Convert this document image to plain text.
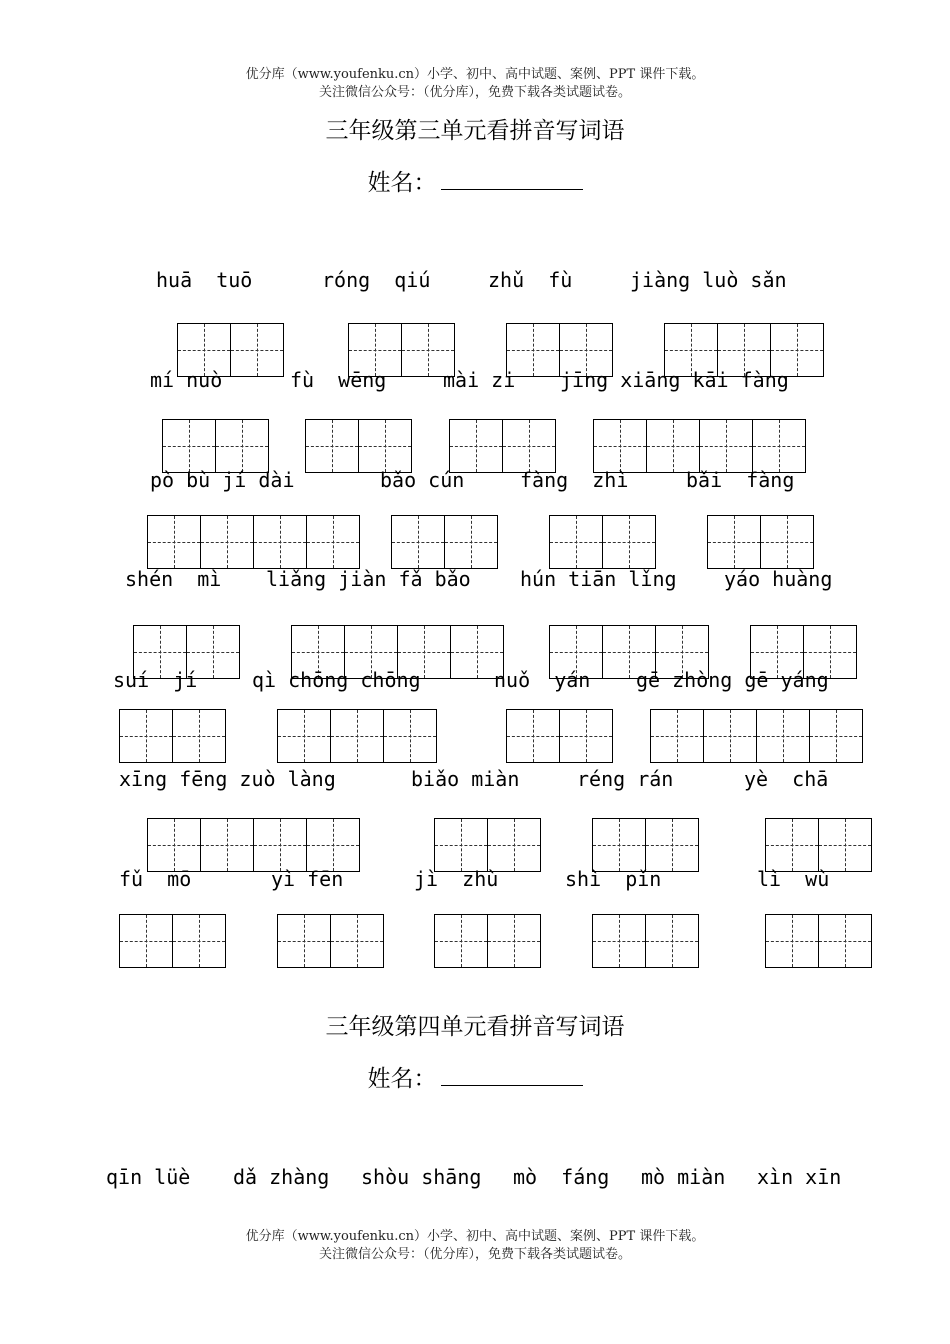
优分库（www.youfenku.cn）小学、初中、高中试题、案例、PPT 课件下载。
关注微信公众号：（优分库），免费下载各类试题试卷。
三年级第三单元看拼音写词语
姓名：
huā  tuō	róng  qiú	zhǔ  fù	jiàng luò sǎn
mí nuò	fù  wēng	mài zi jīng xiāng kāi fàng
pò bù jí dài	bǎo cún	fàng  zhì	bǎi  fàng
shén  mì liǎng jiàn fǎ bǎo hún tiān lǐng yáo huàng
suí  jí	qì chōng chōng	nuǒ  yán gē zhòng gē yáng
xīng fēng zuò làng	biǎo miàn	réng rán	yè  chā
fǔ  mō	yì fēn	jì  zhù	shì  pǐn	lì  wù
三年级第四单元看拼音写词语
姓名：
qīn lüè dǎ zhàng shòu shāng mò  fáng mò miàn xìn xīn
优分库（www.youfenku.cn）小学、初中、高中试题、案例、PPT 课件下载。
关注微信公众号：（优分库），免费下载各类试题试卷。
